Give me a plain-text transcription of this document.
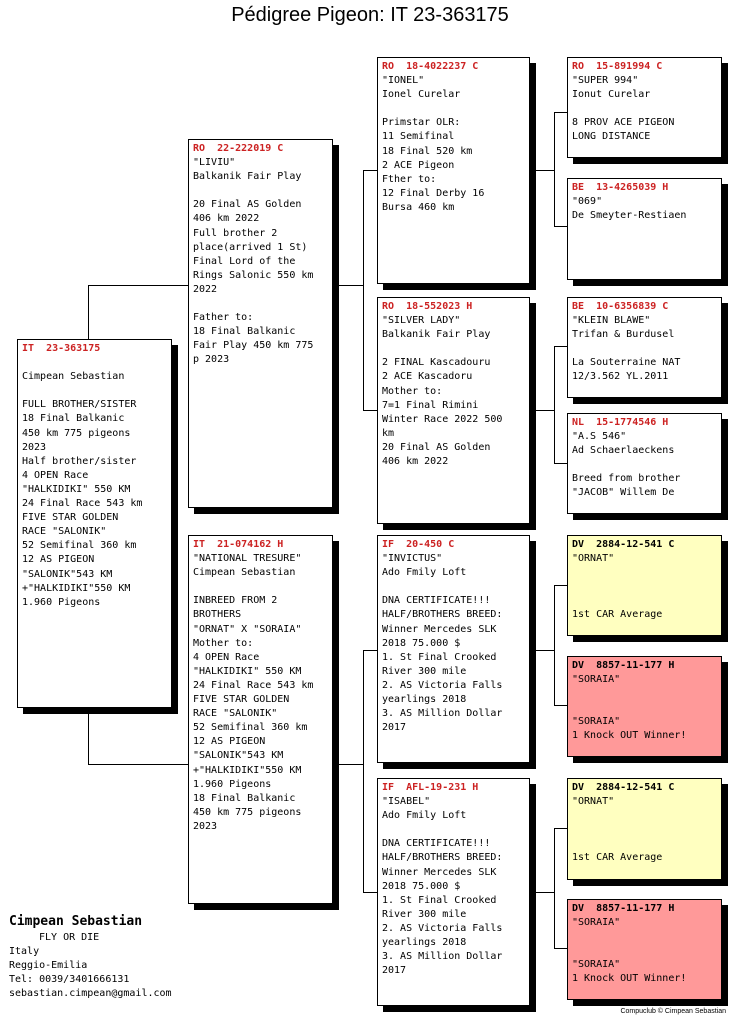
Pédigree Pigeon: IT 23-363175
IT  23-363175
Cimpean Sebastian
FULL BROTHER/SISTER
18 Final Balkanic
450 km 775 pigeons
2023
Half brother/sister
4 OPEN Race
"HALKIDIKI" 550 KM
24 Final Race 543 km
FIVE STAR GOLDEN
RACE "SALONIK"
52 Semifinal 360 km
12 AS PIGEON
"SALONIK"543 KM
+"HALKIDIKI"550 KM
1.960 Pigeons
RO  22-222019 C
"LIVIU"
Balkanik Fair Play
20 Final AS Golden
406 km 2022
Full brother 2
place(arrived 1 St)
Final Lord of the
Rings Salonic 550 km
2022
Father to:
18 Final Balkanic
Fair Play 450 km 775
p 2023
IT  21-074162 H
"NATIONAL TRESURE"
Cimpean Sebastian
INBREED FROM 2
BROTHERS
"ORNAT" X "SORAIA"
Mother to:
4 OPEN Race
"HALKIDIKI" 550 KM
24 Final Race 543 km
FIVE STAR GOLDEN
RACE "SALONIK"
52 Semifinal 360 km
12 AS PIGEON
"SALONIK"543 KM
+"HALKIDIKI"550 KM
1.960 Pigeons
18 Final Balkanic
450 km 775 pigeons
2023
RO  18-4022237 C
"IONEL"
Ionel Curelar
Primstar OLR:
11 Semifinal
18 Final 520 km
2 ACE Pigeon
Fther to:
12 Final Derby 16
Bursa 460 km
RO  18-552023 H
"SILVER LADY"
Balkanik Fair Play
2 FINAL Kascadouru
2 ACE Kascadoru
Mother to:
7=1 Final Rimini
Winter Race 2022 500
km
20 Final AS Golden
406 km 2022
IF  20-450 C
"INVICTUS"
Ado Fmily Loft
DNA CERTIFICATE!!!
HALF/BROTHERS BREED:
Winner Mercedes SLK
2018 75.000 $
1. St Final Crooked
River 300 mile
2. AS Victoria Falls
yearlings 2018
3. AS Million Dollar
2017
IF  AFL-19-231 H
"ISABEL"
Ado Fmily Loft
DNA CERTIFICATE!!!
HALF/BROTHERS BREED:
Winner Mercedes SLK
2018 75.000 $
1. St Final Crooked
River 300 mile
2. AS Victoria Falls
yearlings 2018
3. AS Million Dollar
2017
RO  15-891994 C
"SUPER 994"
Ionut Curelar
8 PROV ACE PIGEON
LONG DISTANCE
BE  13-4265039 H
"069"
De Smeyter-Restiaen
BE  10-6356839 C
"KLEIN BLAWE"
Trifan & Burdusel
La Souterraine NAT
12/3.562 YL.2011
NL  15-1774546 H
"A.S 546"
Ad Schaerlaeckens
Breed from brother
"JACOB" Willem De
DV  2884-12-541 C
"ORNAT"
1st CAR Average
DV  8857-11-177 H
"SORAIA"
"SORAIA"
1 Knock OUT Winner!
DV  2884-12-541 C
"ORNAT"
1st CAR Average
DV  8857-11-177 H
"SORAIA"
"SORAIA"
1 Knock OUT Winner!
Cimpean Sebastian
FLY OR DIE
Italy
Reggio-Emilia
Tel: 0039/3401666131
sebastian.cimpean@gmail.com
Compuclub © Cimpean Sebastian
